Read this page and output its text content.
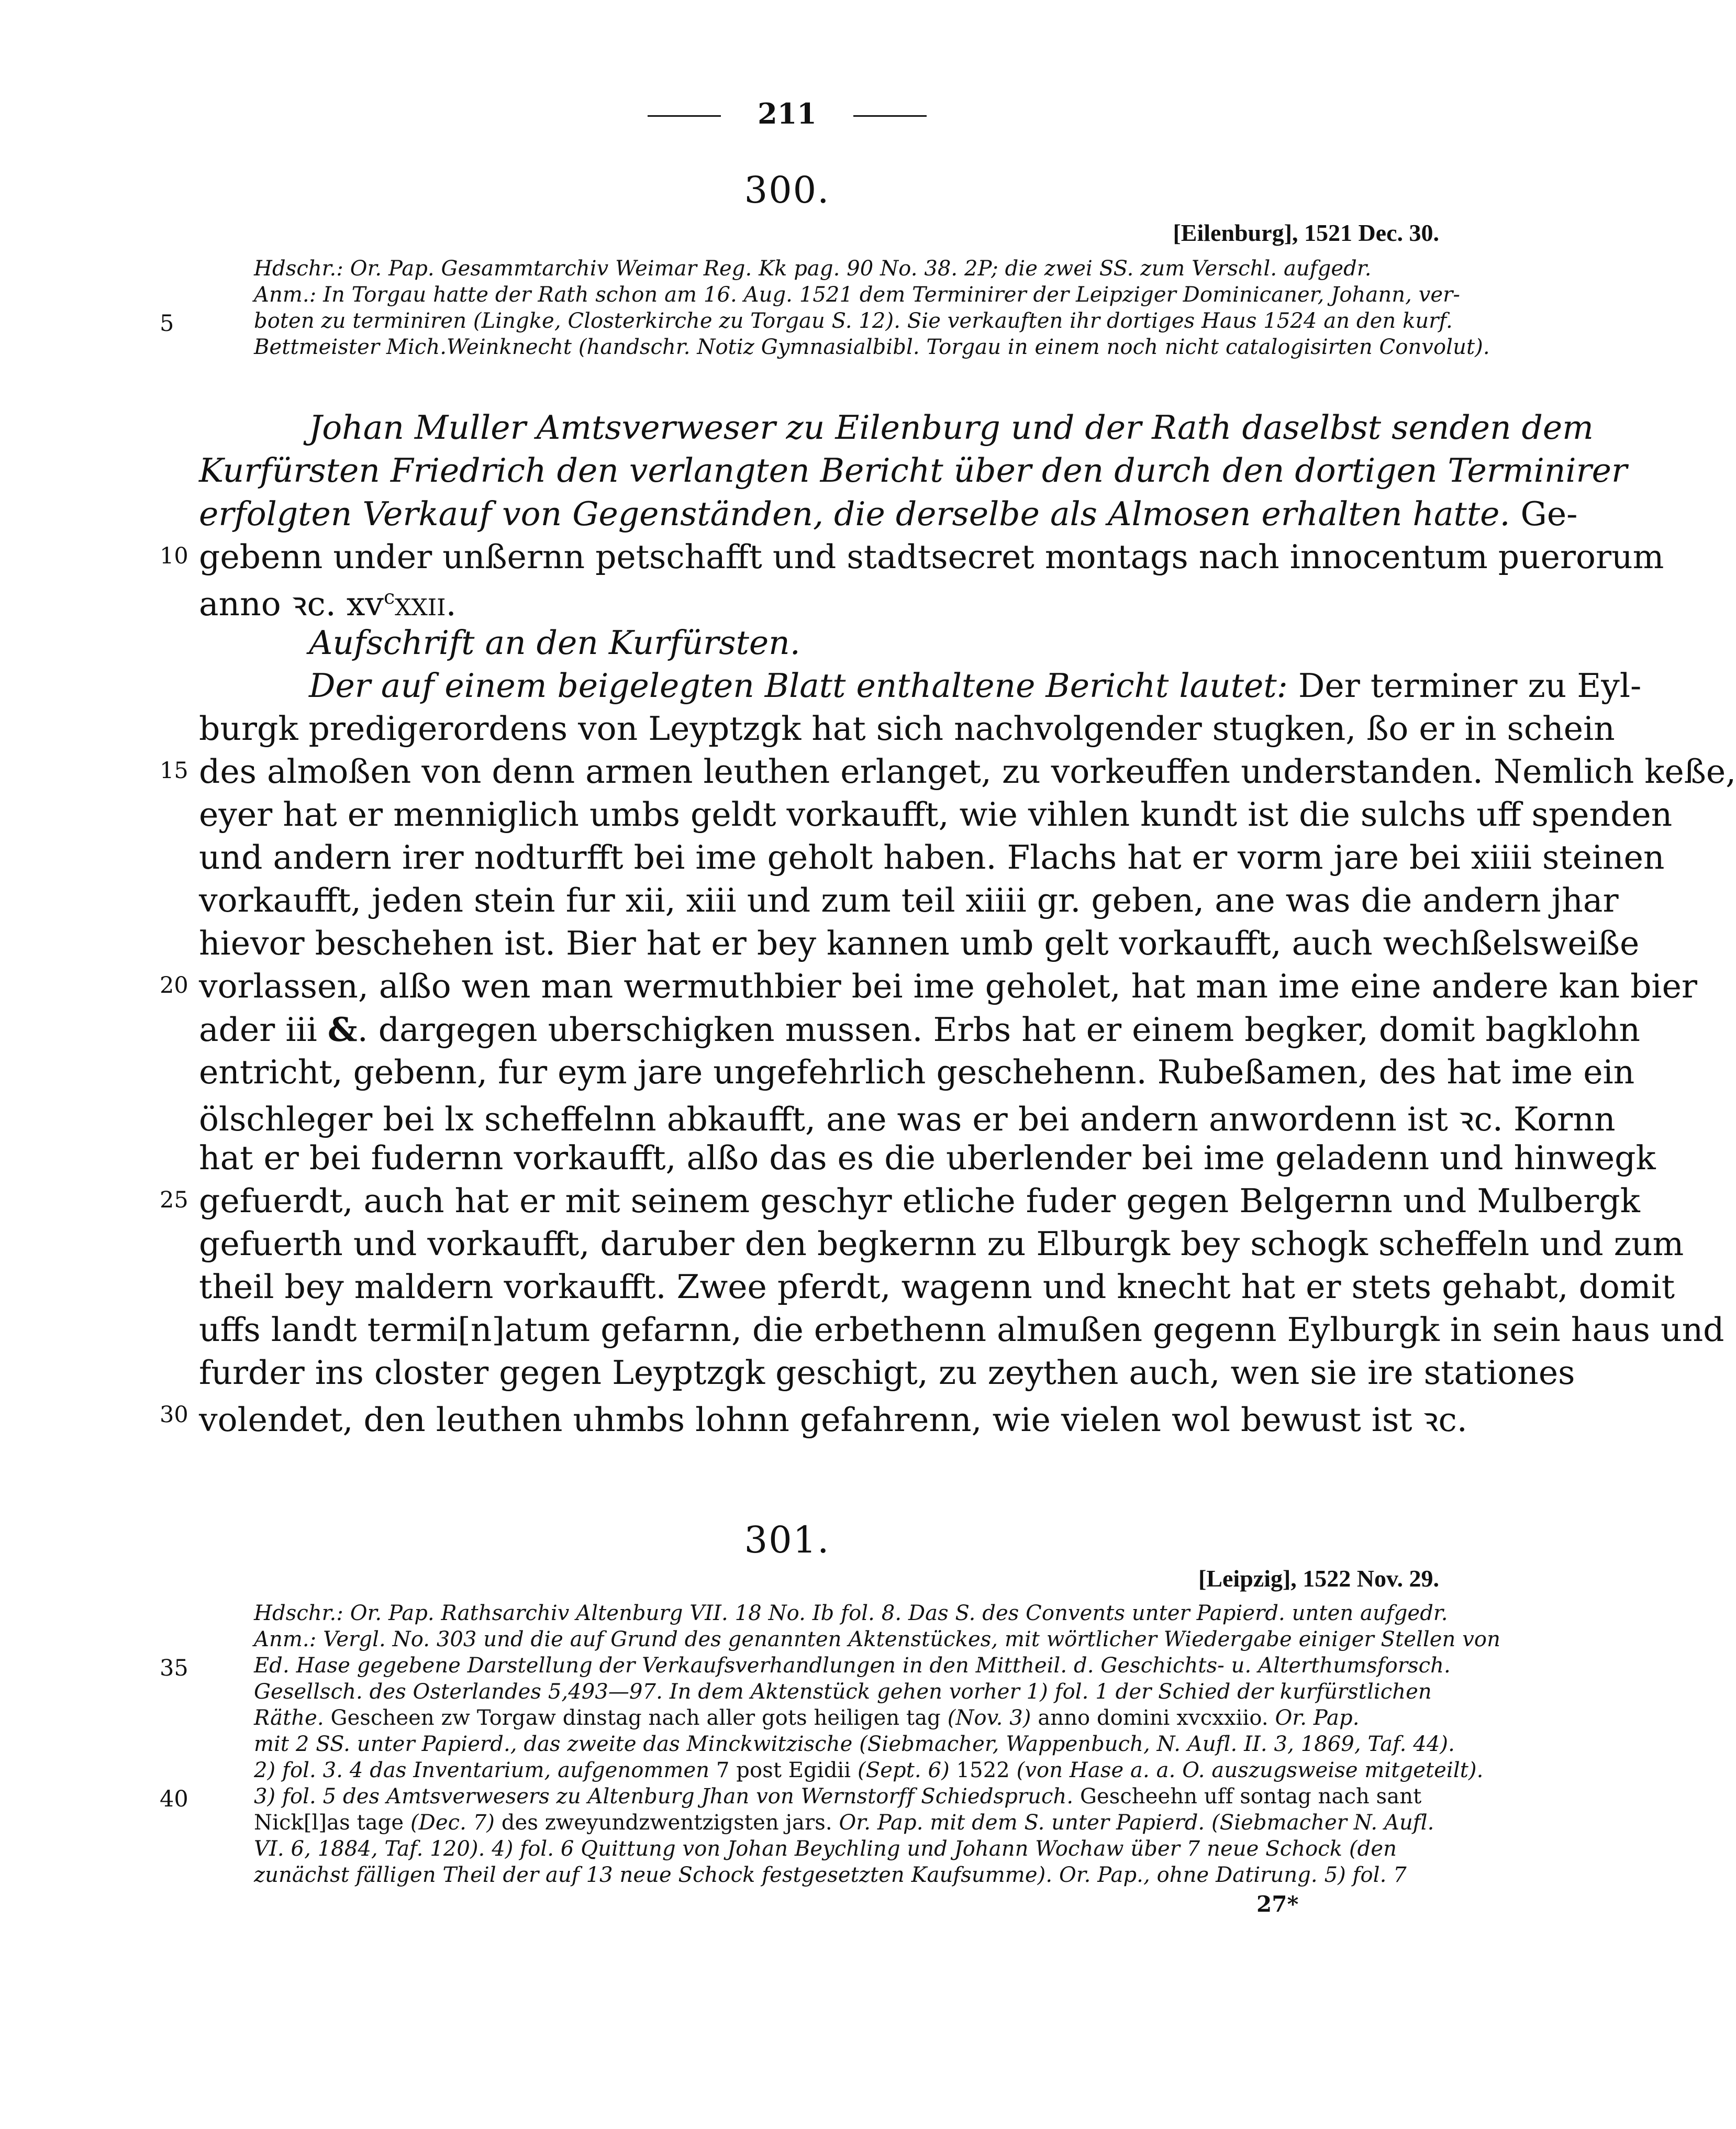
211
300.
[Eilenburg], 1521 Dec. 30.
Hdschr.: Or. Pap. Gesammtarchiv Weimar Reg. Kk pag. 90 No. 38. 2P; die zwei SS. zum Verschl. aufgedr.
Anm.: In Torgau hatte der Rath schon am 16. Aug. 1521 dem Terminirer der Leipziger Dominicaner, Johann, ver-
boten zu terminiren (Lingke, Closterkirche zu Torgau S. 12). Sie verkauften ihr dortiges Haus 1524 an den kurf.
Bettmeister Mich.Weinknecht (handschr. Notiz Gymnasialbibl. Torgau in einem noch nicht catalogisirten Convolut).
5
Johan Muller Amtsverweser zu Eilenburg und der Rath daselbst senden dem
Kurfürsten Friedrich den verlangten Bericht über den durch den dortigen Terminirer
erfolgten Verkauf von Gegenständen, die derselbe als Almosen erhalten hatte. Ge-
gebenn under unßernn petschafft und stadtsecret montags nach innocentum puerorum
10
anno ꝛc. $xv^cxxii$.
Aufschrift an den Kurfürsten.
Der auf einem beigelegten Blatt enthaltene Bericht lautet: Der terminer zu Eyl-
burgk predigerordens von Leyptzgk hat sich nachvolgender stugken, ßo er in schein
des almoßen von denn armen leuthen erlanget, zu vorkeuffen understanden. Nemlich keße,
15
eyer hat er menniglich umbs geldt vorkaufft, wie vihlen kundt ist die sulchs uff spenden
und andern irer nodturfft bei ime geholt haben. Flachs hat er vorm jare bei xiiii steinen
vorkaufft, jeden stein fur xii, xiii und zum teil xiiii gr. geben, ane was die andern jhar
hievor beschehen ist. Bier hat er bey kannen umb gelt vorkaufft, auch wechßelsweiße
vorlassen, alßo wen man wermuthbier bei ime geholet, hat man ime eine andere kan bier
20
ader iii &. dargegen uberschigken mussen. Erbs hat er einem begker, domit bagklohn
entricht, gebenn, fur eym jare ungefehrlich geschehenn. Rubeßamen, des hat ime ein
ölschleger bei lx scheffelnn abkaufft, ane was er bei andern anwordenn ist ꝛc. Kornn
hat er bei fudernn vorkaufft, alßo das es die uberlender bei ime geladenn und hinwegk
gefuerdt, auch hat er mit seinem geschyr etliche fuder gegen Belgernn und Mulbergk
25
gefuerth und vorkaufft, daruber den begkernn zu Elburgk bey schogk scheffeln und zum
theil bey maldern vorkaufft. Zwee pferdt, wagenn und knecht hat er stets gehabt, domit
uffs landt termi[n]atum gefarnn, die erbethenn almußen gegenn Eylburgk in sein haus und
furder ins closter gegen Leyptzgk geschigt, zu zeythen auch, wen sie ire stationes
volendet, den leuthen uhmbs lohnn gefahrenn, wie vielen wol bewust ist ꝛc.
30
301.
[Leipzig], 1522 Nov. 29.
Hdschr.: Or. Pap. Rathsarchiv Altenburg VII. 18 No. Ib fol. 8. Das S. des Convents unter Papierd. unten aufgedr.
Anm.: Vergl. No. 303 und die auf Grund des genannten Aktenstückes, mit wörtlicher Wiedergabe einiger Stellen von
Ed. Hase gegebene Darstellung der Verkaufsverhandlungen in den Mittheil. d. Geschichts- u. Alterthumsforsch.
35
Gesellsch. des Osterlandes 5,493—97. In dem Aktenstück gehen vorher 1) fol. 1 der Schied der kurfürstlichen
Räthe. Gescheen zw Torgaw dinstag nach aller gots heiligen tag (Nov. 3) anno domini xvcxxiio. Or. Pap.
mit 2 SS. unter Papierd., das zweite das Minckwitzische (Siebmacher, Wappenbuch, N. Aufl. II. 3, 1869, Taf. 44).
2) fol. 3. 4 das Inventarium, aufgenommen 7 post Egidii (Sept. 6) 1522 (von Hase a. a. O. auszugsweise mitgeteilt).
3) fol. 5 des Amtsverwesers zu Altenburg Jhan von Wernstorff Schiedspruch. Gescheehn uff sontag nach sant
40
Nick[l]as tage (Dec. 7) des zweyundzwentzigsten jars. Or. Pap. mit dem S. unter Papierd. (Siebmacher N. Aufl.
VI. 6, 1884, Taf. 120). 4) fol. 6 Quittung von Johan Beychling und Johann Wochaw über 7 neue Schock (den
zunächst fälligen Theil der auf 13 neue Schock festgesetzten Kaufsumme). Or. Pap., ohne Datirung. 5) fol. 7
27*
